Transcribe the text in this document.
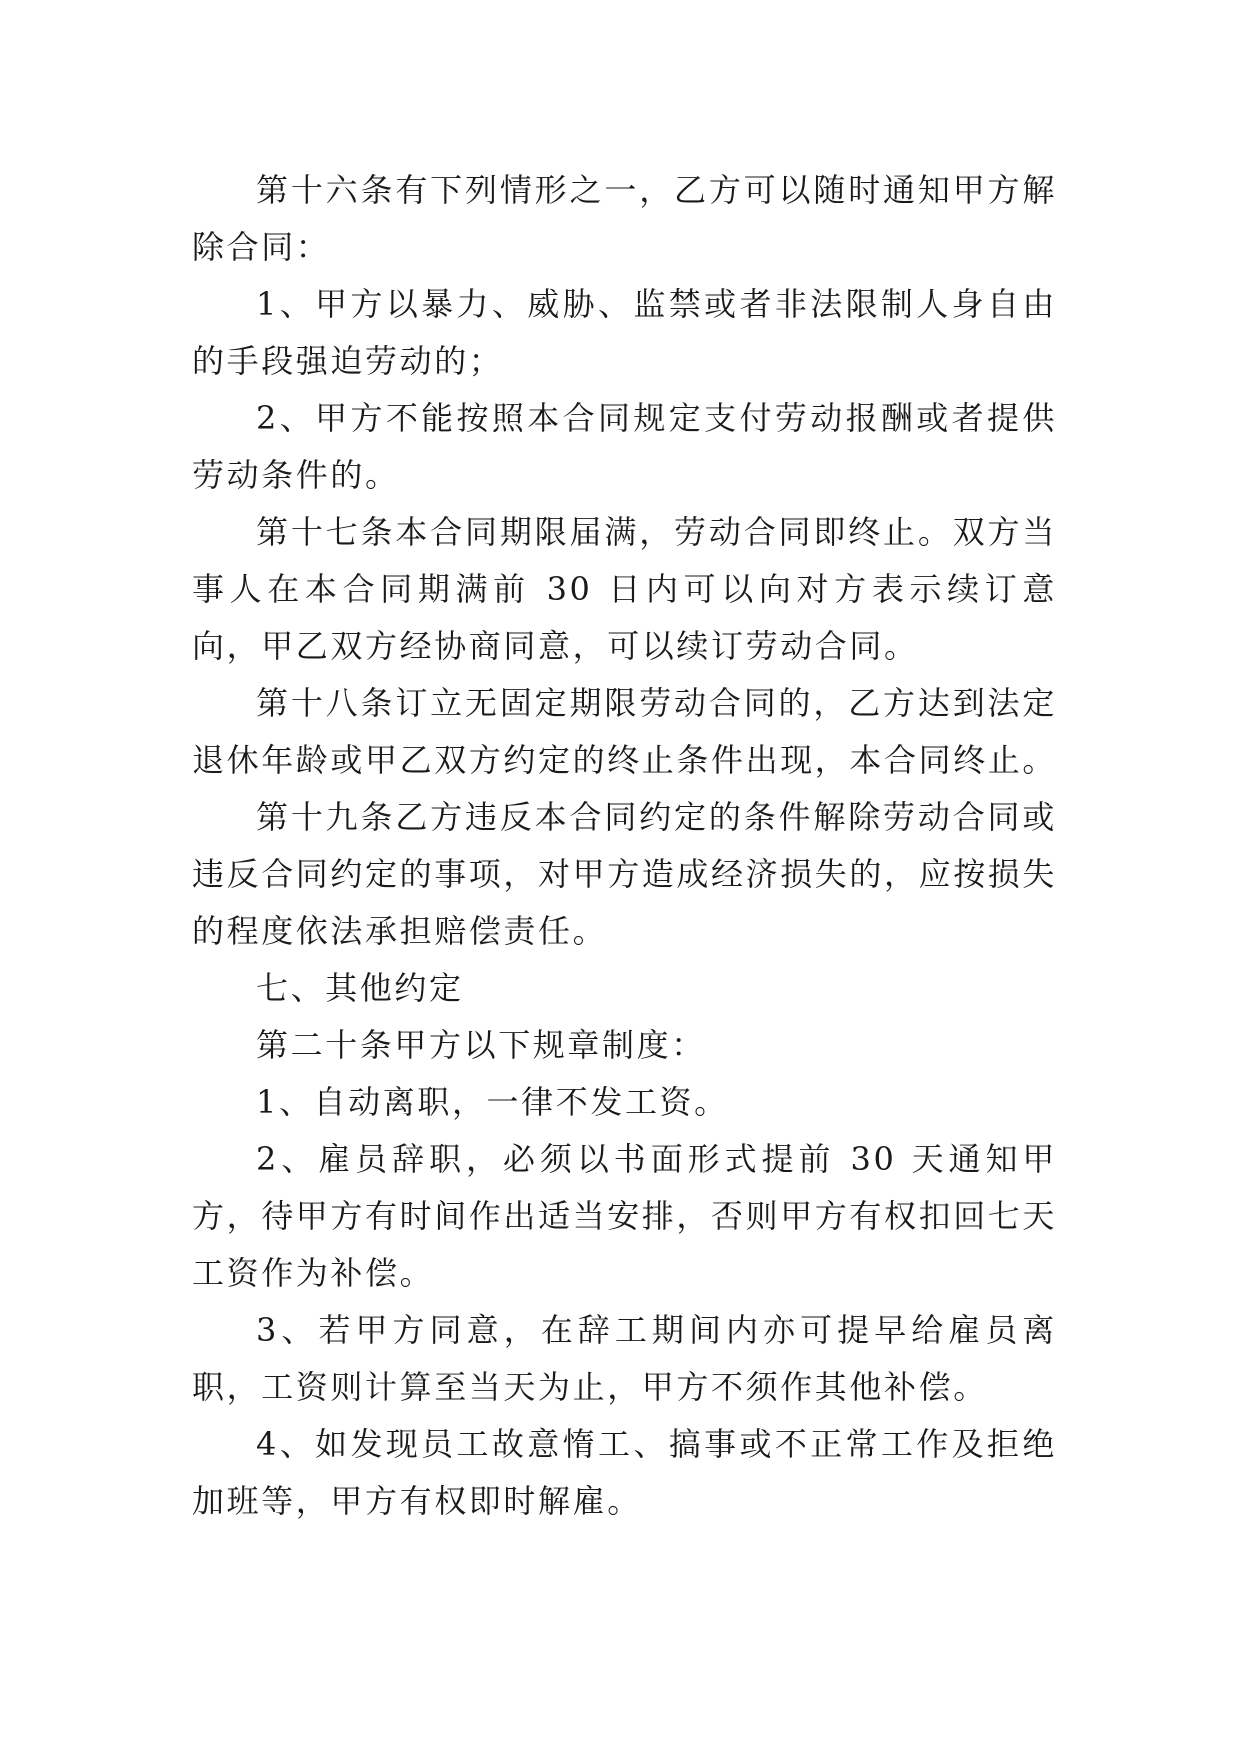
第十六条有下列情形之一，乙方可以随时通知甲方解除合同：

1、甲方以暴力、威胁、监禁或者非法限制人身自由的手段强迫劳动的；

2、甲方不能按照本合同规定支付劳动报酬或者提供劳动条件的。

第十七条本合同期限届满，劳动合同即终止。双方当事人在本合同期满前 30 日内可以向对方表示续订意向，甲乙双方经协商同意，可以续订劳动合同。

第十八条订立无固定期限劳动合同的，乙方达到法定退休年龄或甲乙双方约定的终止条件出现，本合同终止。

第十九条乙方违反本合同约定的条件解除劳动合同或违反合同约定的事项，对甲方造成经济损失的，应按损失的程度依法承担赔偿责任。

七、其他约定

第二十条甲方以下规章制度：

1、自动离职，一律不发工资。

2、雇员辞职，必须以书面形式提前 30 天通知甲方，待甲方有时间作出适当安排，否则甲方有权扣回七天工资作为补偿。

3、若甲方同意，在辞工期间内亦可提早给雇员离职，工资则计算至当天为止，甲方不须作其他补偿。

4、如发现员工故意惰工、搞事或不正常工作及拒绝加班等，甲方有权即时解雇。
